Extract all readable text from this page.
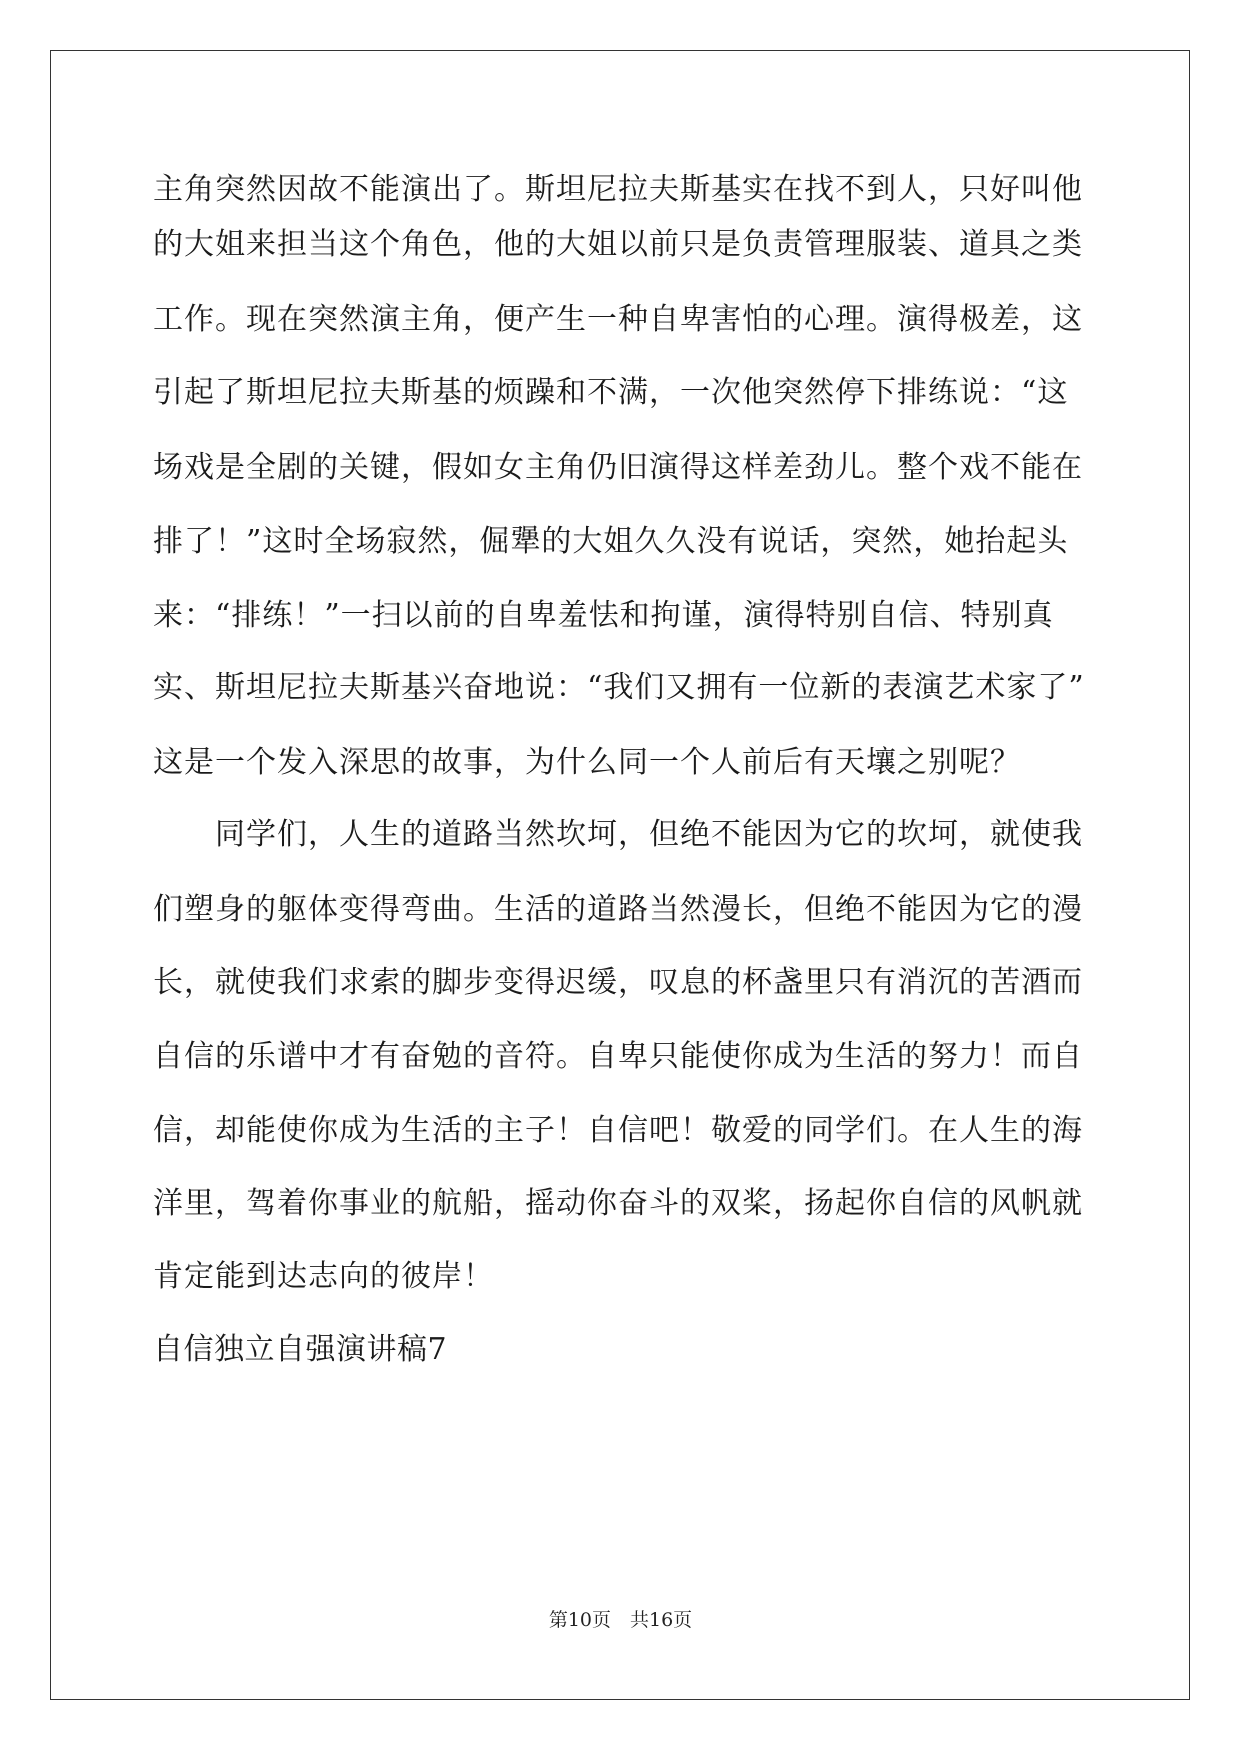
主角突然因故不能演出了。斯坦尼拉夫斯基实在找不到人，只好叫他
的大姐来担当这个角色，他的大姐以前只是负责管理服装、道具之类
工作。现在突然演主角，便产生一种自卑害怕的心理。演得极差，这
引起了斯坦尼拉夫斯基的烦躁和不满，一次他突然停下排练说：“这
场戏是全剧的关键，假如女主角仍旧演得这样差劲儿。整个戏不能在
排了！”这时全场寂然，倔犟的大姐久久没有说话，突然，她抬起头
来：“排练！”一扫以前的自卑羞怯和拘谨，演得特别自信、特别真
实、斯坦尼拉夫斯基兴奋地说：“我们又拥有一位新的表演艺术家了”
这是一个发入深思的故事，为什么同一个人前后有天壤之别呢？
同学们，人生的道路当然坎坷，但绝不能因为它的坎坷，就使我
们塑身的躯体变得弯曲。生活的道路当然漫长，但绝不能因为它的漫
长，就使我们求索的脚步变得迟缓，叹息的杯盏里只有消沉的苦酒而
自信的乐谱中才有奋勉的音符。自卑只能使你成为生活的努力！而自
信，却能使你成为生活的主子！自信吧！敬爱的同学们。在人生的海
洋里，驾着你事业的航船，摇动你奋斗的双桨，扬起你自信的风帆就
肯定能到达志向的彼岸！
自信独立自强演讲稿7
第10页　共16页
